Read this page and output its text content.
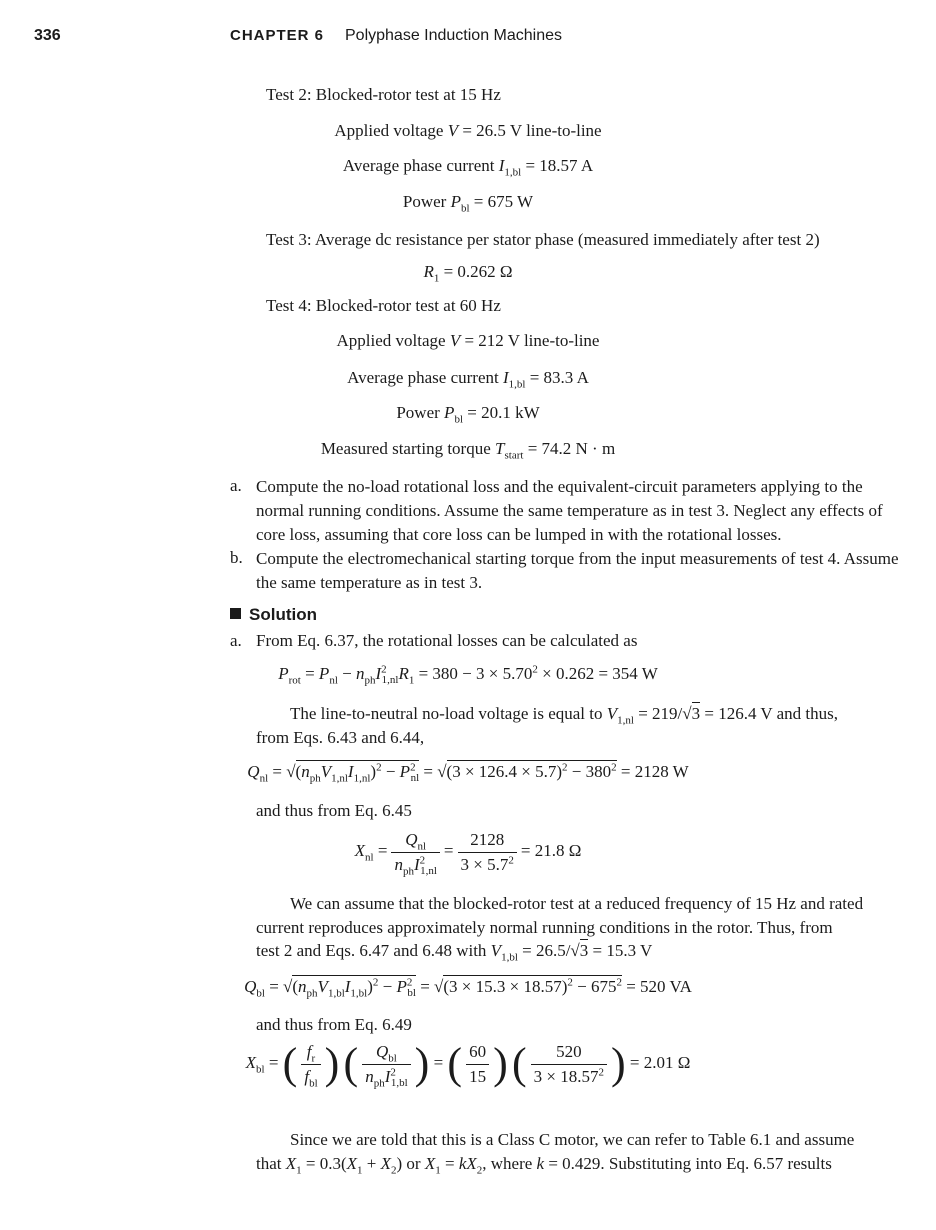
336	CHAPTER 6 Polyphase Induction Machines
Test 2: Blocked-rotor test at 15 Hz
Applied voltage V = 26.5 V line-to-line
Average phase current $I_{1,bl} = 18.57$ A
Power $P_{bl} = 675$ W
Test 3: Average dc resistance per stator phase (measured immediately after test 2)
$R_1 = 0.262$ Ω
Test 4: Blocked-rotor test at 60 Hz
Applied voltage V = 212 V line-to-line
Average phase current $I_{1,bl} = 83.3$ A
Power $P_{bl} = 20.1$ kW
Measured starting torque $T_{start} = 74.2$ N · m
a. Compute the no-load rotational loss and the equivalent-circuit parameters applying to the normal running conditions. Assume the same temperature as in test 3. Neglect any effects of core loss, assuming that core loss can be lumped in with the rotational losses.
b. Compute the electromechanical starting torque from the input measurements of test 4. Assume the same temperature as in test 3.
Solution
a. From Eq. 6.37, the rotational losses can be calculated as
$P_{rot} = P_{nl} - n_{ph}I^2_{1,nl}R_1 = 380 - 3 \times 5.70^2 \times 0.262 = 354$ W
The line-to-neutral no-load voltage is equal to $V_{1,nl} = 219/√3 = 126.4$ V and thus,
from Eqs. 6.43 and 6.44,
$Q_{nl} = √(n_{ph}V_{1,nl}I_{1,nl})^2 - P^2_{nl} = √(3 \times 126.4 \times 5.7)^2 - 380^2 = 2128$ W
and thus from Eq. 6.45
$X_{nl} = \frac{Q_{nl}}{n_{ph}I^2_{1,nl}} = \frac{2128}{3 \times 5.7^2} = 21.8$ Ω
We can assume that the blocked-rotor test at a reduced frequency of 15 Hz and rated
current reproduces approximately normal running conditions in the rotor. Thus, from
test 2 and Eqs. 6.47 and 6.48 with $V_{1,bl} = 26.5/√3 = 15.3$ V
$Q_{bl} = √(n_{ph}V_{1,bl}I_{1,bl})^2 - P^2_{bl} = √(3 \times 15.3 \times 18.57)^2 - 675^2 = 520$ VA
and thus from Eq. 6.49
$X_{bl}$ = ( $\frac{f_r}{f_{bl}}$ ) ( $\frac{Q_{bl}}{n_{ph}I^2_{1,bl}}$ ) = ( $\frac{60}{15}$ ) ( $\frac{520}{3 \times 18.57^2}$ ) = 2.01 Ω
Since we are told that this is a Class C motor, we can refer to Table 6.1 and assume
that $X_1 = 0.3(X_1 + X_2)$ or $X_1 = kX_2$, where k = 0.429. Substituting into Eq. 6.57 results
